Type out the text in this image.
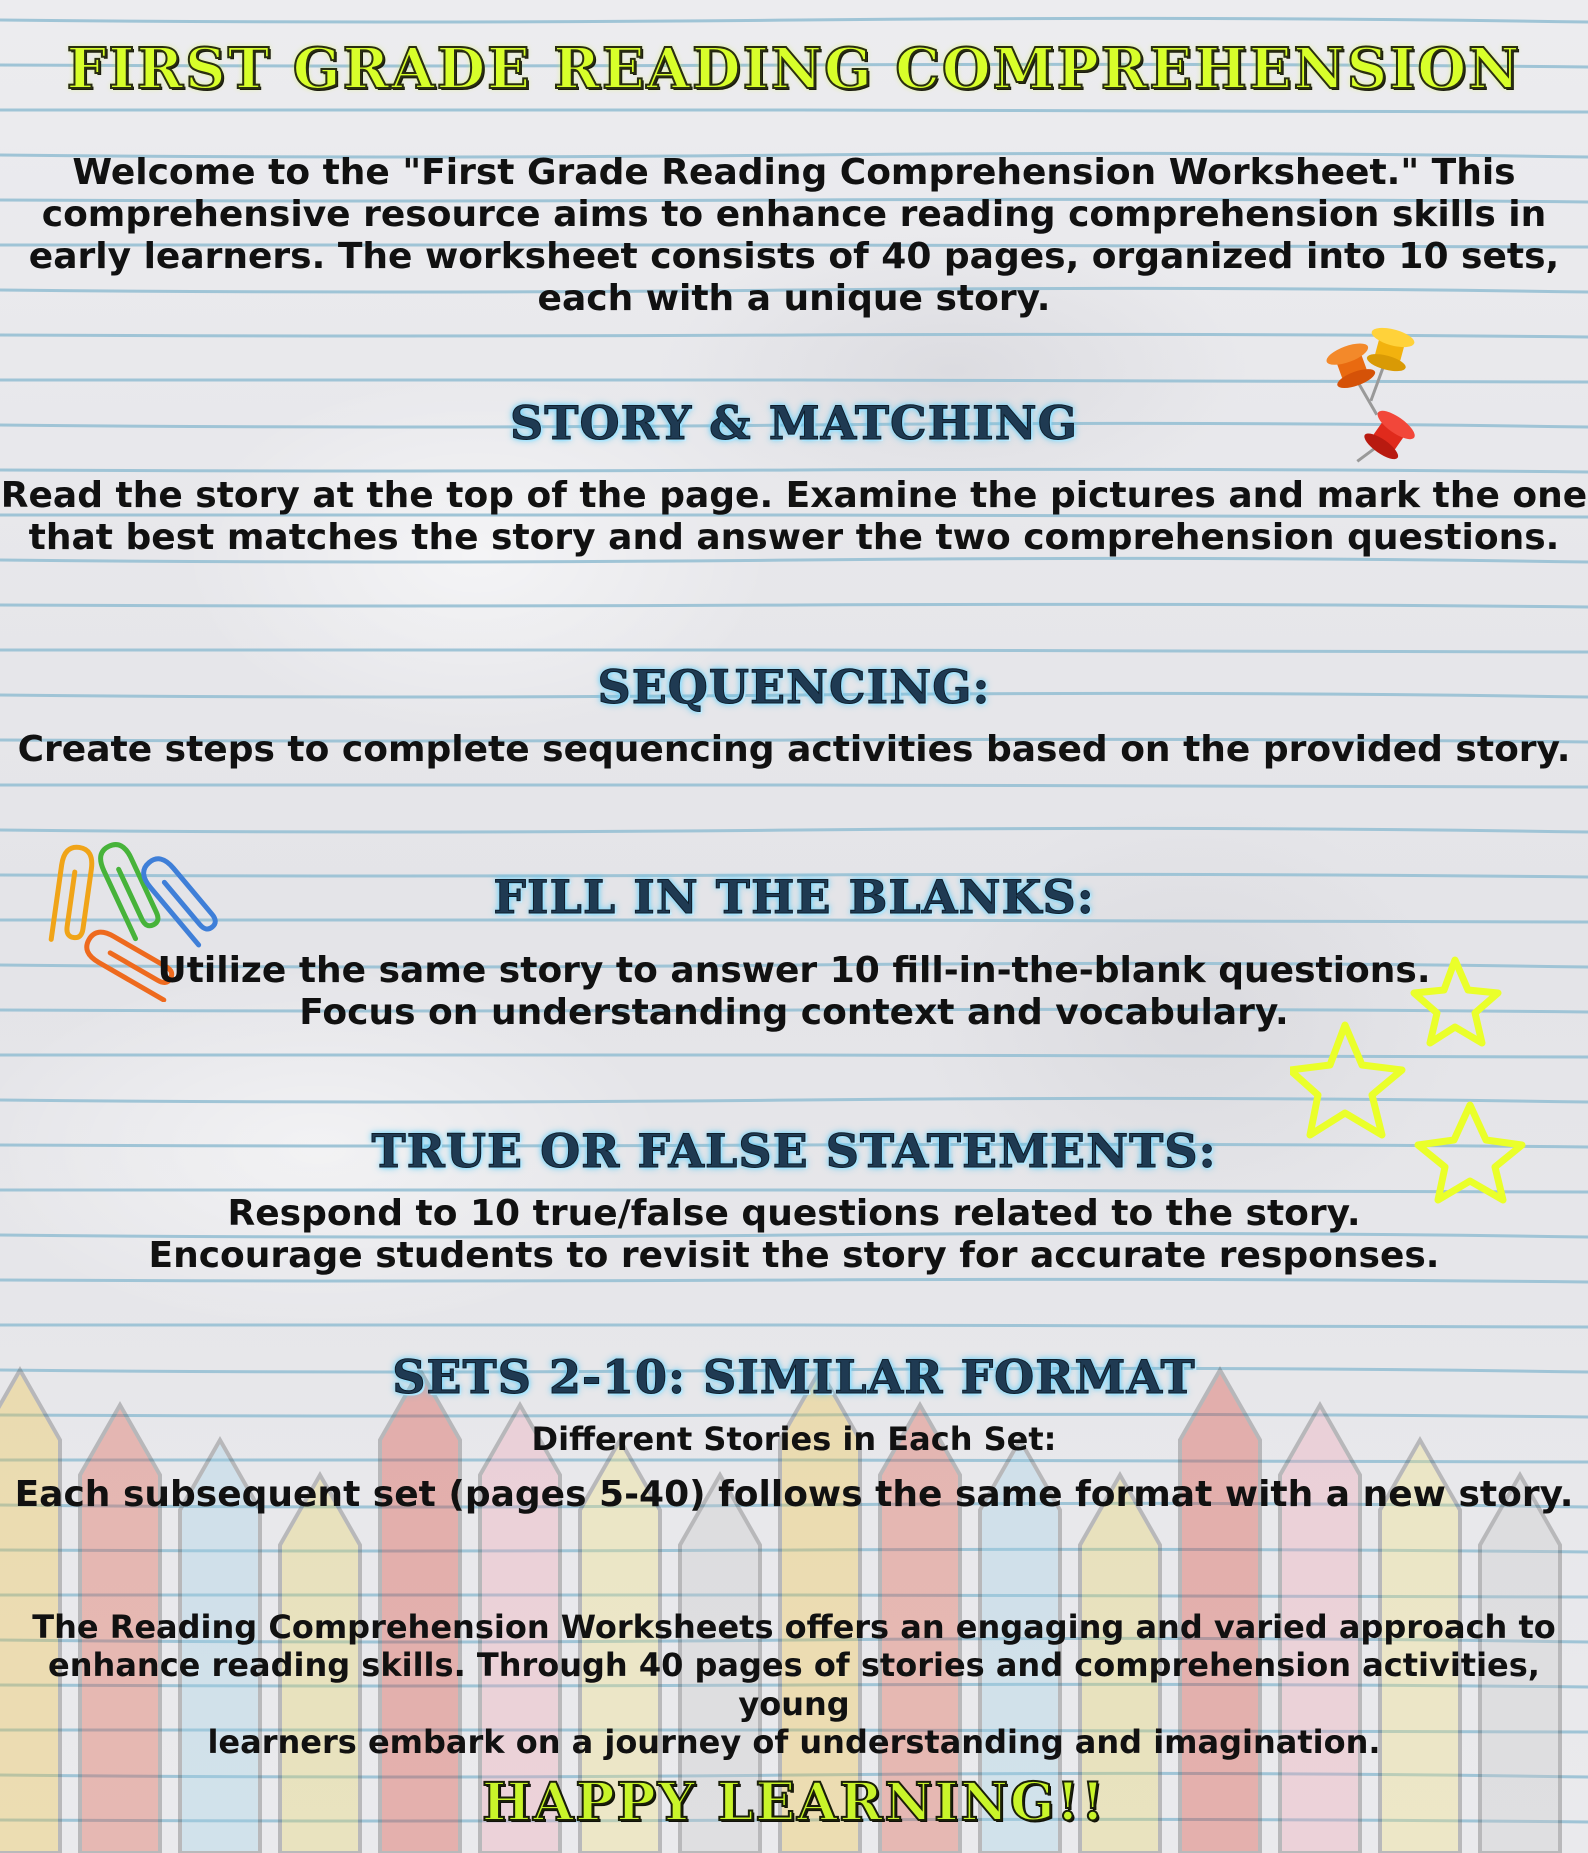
FIRST GRADE READING COMPREHENSION
Welcome to the "First Grade Reading Comprehension Worksheet." This
comprehensive resource aims to enhance reading comprehension skills in
early learners. The worksheet consists of 40 pages, organized into 10 sets,
each with a unique story.
STORY & MATCHING
Read the story at the top of the page. Examine the pictures and mark the one
that best matches the story and answer the two comprehension questions.
SEQUENCING:
Create steps to complete sequencing activities based on the provided story.
FILL IN THE BLANKS:
Utilize the same story to answer 10 fill-in-the-blank questions.
Focus on understanding context and vocabulary.
TRUE OR FALSE STATEMENTS:
Respond to 10 true/false questions related to the story.
Encourage students to revisit the story for accurate responses.
SETS 2-10: SIMILAR FORMAT
Different Stories in Each Set:
Each subsequent set (pages 5-40) follows the same format with a new story.
The Reading Comprehension Worksheets offers an engaging and varied approach to
enhance reading skills. Through 40 pages of stories and comprehension activities, young
learners embark on a journey of understanding and imagination.
HAPPY LEARNING!!
